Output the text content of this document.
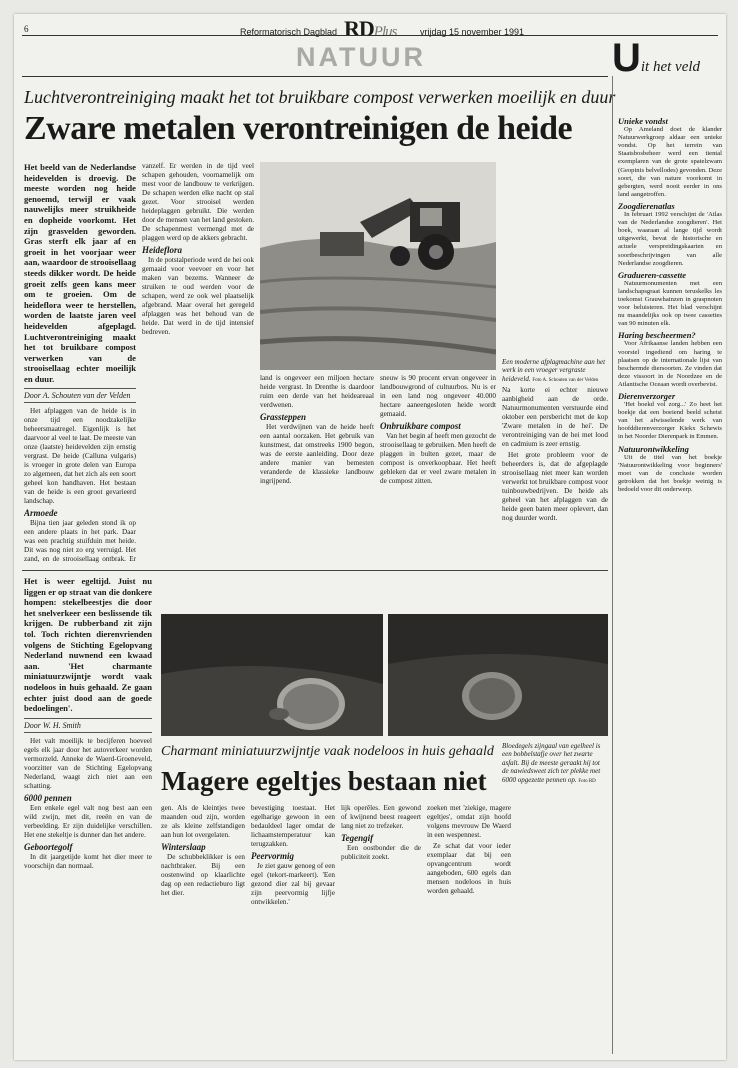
6	Reformatorisch Dagblad RDPlus	vrijdag 15 november 1991
NATUUR	Uit het veld
Luchtverontreiniging maakt het tot bruikbare compost verwerken moeilijk en duur
Zware metalen verontreinigen de heide

Het beeld van de Nederlandse heidevelden is droevig. De meeste worden nog heide genoemd, terwijl er vaak nauwelijks meer struikheide en dopheide voorkomt. Het zijn grasvelden geworden. Gras sterft elk jaar af en groeit in het voorjaar weer aan, waardoor de strooisellaag steeds dikker wordt. De heide groeit zelfs geen kans meer om te groeien. Om de heideflora weer te herstellen, worden de laatste jaren veel heidevelden afgeplagd. Luchtverontreiniging maakt het tot bruikbare compost verwerken van de strooisellaag echter moeilijk en duur.

Door A. Schouten van der Velden

Het afplaggen van de heide is in onze tijd een noodzakelijke beheersmaatregel. Eigenlijk is het daarvoor al veel te laat. De meeste van onze (laatste) heidevelden zijn ernstig vergrast. De heide (Calluna vulgaris) is vroeger in grote delen van Europa zo algemeen, dat het zich als een soort geheel kon handhaven. Het bestaan van de heide is een groot gevarieerd landschap.

Armoede

Bijna tien jaar geleden stond ik op een andere plaats in het park. Daar was een prachtig stuifduin met heide. Dit was nog niet zo erg verruigd. Het zand, en de strooisellaag ontbrak. Er

vanzelf. Er werden in de tijd veel schapen gehouden, voornamelijk om mest voor de landbouw te verkrijgen. De schapen werden elke nacht op stal gezet. Voor strooisel werden heideplaggen gebruikt. Die werden door de mensen van het land gestoken. De schapenmest vermengd met de plaggen werd op de akkers gebracht.

Heideflora

In de potstalperiode werd de hei ook gemaaid voor veevoer en voor het maken van bezems. Wanneer de struiken te oud werden voor de schapen, werd ze ook wel plaatselijk afgebrand. Maar overal het geregeld afplaggen was het behoud van de heide. Dat werd in de tijd intensief bedreven.

land is ongeveer een miljoen hectare heide vergrast. In Drenthe is daardoor ruim een derde van het heideareaal verdwenen.

Grassteppen

Het verdwijnen van de heide heeft een aantal oorzaken. Het gebruik van kunstmest, dat omstreeks 1900 begon, was de eerste aanleiding. Door deze andere manier van bemesten veranderde de klassieke landbouw ingrijpend.

sneuw is 90 procent ervan ongeveer in landbouwgrond of cultuurbos. Nu is er in een land nog ongeveer 40.000 hectare aaneengesloten heide wordt gemaaid.

Onbruikbare compost

Van het begin af heeft men gezocht de strooisellaag te gebruiken. Men heeft de plaggen in bulten gezet, maar de compost is onverkoopbaar. Het heeft gebleken dat er veel zware metalen in de compost zitten.

Een moderne afplagmachine aan het werk in een vroeger vergraste heideveld. Foto A. Schouten van der Velden

Na korte ei echter nieuwe aanbigheid aan de orde. Natuurmonumenten verstuurde eind oktober een persbericht met de kop 'Zware metalen in de hei'. De verontreiniging van de hei met lood en cadmium is zeer ernstig.

Het grote probleem voor de beheerders is, dat de afgeplagde strooisellaag niet meer kan worden verwerkt tot bruikbare compost voor tuinbouwbedrijven. De heide als geheel van het afplaggen van de heide geen baten meer oplevert, dan nog duurder wordt.

Het is weer egeltijd. Juist nu liggen er op straat van die donkere hompen: stekelbeestjes die door het snelverkeer een beslissende tik krijgen. De rubberband zit zijn tol. Toch richten dierenvrienden volgens de Stichting Egelopvang Nederland nuwnend een kwaad aan. 'Het charmante miniatuurzwijntje wordt vaak nodeloos in huis gehaald. Ze gaan echter juist dood aan de goede bedoelingen'.

Door W. H. Smith

Het valt moeilijk te becijferen hoeveel egels elk jaar door het autoverkeer worden vermorzeld. Anneke de Waerd-Groeneveld, voorzitter van de Stichting Egelopvang Nederland, waagt zich niet aan een schatting.

6000 pennen

Een enkele egel valt nog best aan een wild zwijn, met dit, reeën en van de verbeelding. Er zijn duidelijke verschillen. Het ene stekeltje is dunner dan het andere.

Geboortegolf

In dit jaargetijde komt het dier meer te voorschijn dan normaal.

Charmant miniatuurzwijntje vaak nodeloos in huis gehaald
Magere egeltjes bestaan niet
Bloedegels zijngaal van egelheel is een bobbelstafje over het zwarte asfalt. Bij de meeste geraakt hij tot de nawiedsweet zich ter plekke met 6000 opgezette pennen op. Foto RD

gen. Als de kleintjes twee maanden oud zijn, worden ze als kleine zelfstandigen aan hun lot overgelaten.

Winterslaap

De schubbeklikker is een nachtbraker. Bij een oostenwind op klaarlichte dag op een redactieburo ligt het dier.

bevestiging toestaat. Het egelharige gewoon in een bedauldeel lager omdat de lichaamstemperatuur kan terugzakken.

Peervormig

Je ziet gauw genoeg of een egel (tekort-markeert). 'Een gezond dier zal bij gevaar zijn peervormig lijfje ontwikkelen.'

lijk operêles. Een gewond of kwijnend beest reageert lang niet zo trefzeker.

Tegengif

Een oostbonder die de publiciteit zoekt.

zoeken met 'ziekige, magere egeltjes', omdat zijn hoofd volgens mevrouw De Waerd in een wespennest.

Ze schat dat voor ieder exemplaar dat bij een opvangcentrum wordt aangeboden, 600 egels dan mensen nodeloos in huis worden gehaald.

Unieke vondst

Op Ameland doet de klander Natuurwerkgroep aldaar een unieke vondst. Op het terrein van Staatsbosbeheer werd een tiental exemplaren van de grote spatelzwam (Geopinis belvellodes) gevonden. Deze soort, die van nature voorkomt in gebergten, werd nooit eerder in ons land aangetroffen.

Zoogdierenatlas

In februari 1992 verschijnt de 'Atlas van de Nederlandse zoogdieren'. Het boek, waaraan al lange tijd wordt uitgewerkt, bevat de historische en actuele verspreidingskaarten en soortbeschrijvingen van alle Nederlandse zoogdieren.

Gradueren-cassette

Natuurmonumenten met een landschapsgraat kunnen teruskelks les toekomst Grauwhainzen in graspnoten voor beluisteren. Het blad verschijnt nu maandelijks ook op twee cassettes van 90 minuten elk.

Haring bescheermen?

Voor Afrikaanse landen hebben een voorstel ingediend om haring te plaatsen op de internationale lijst van beschermde diersoorten. Ze vinden dat deze vissoort in de Noordzee en de Atlantische Oceaan wordt overbevist.

Dierenverzorger

'Het boekd vol zorg...' Zo heet het boekje dat een boeiend beeld schetst van het afwisselende werk van hoofddierenverzorger Kiekx Schewis in het Noorder Dierenpark in Emmen.

Natuurontwikkeling

Uit de titel van het boekje 'Natuurontwikkeling voor beginners' moet van de conclusie worden getrokken dat het boekje weinig is bedoeld voor dit onderwerp.
